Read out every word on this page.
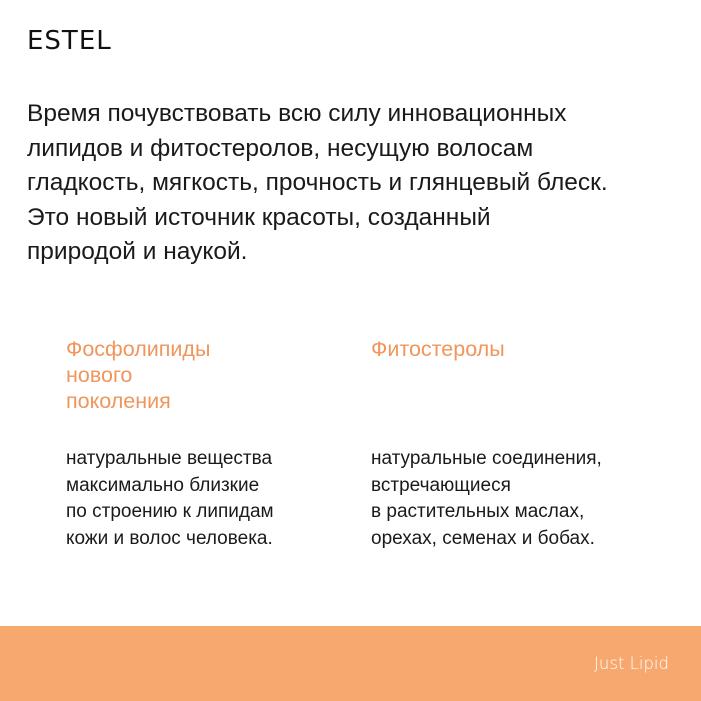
ESTEL
Время почувствовать всю силу инновационных
липидов и фитостеролов, несущую волосам
гладкость, мягкость, прочность и глянцевый блеск.
Это новый источник красоты, созданный
природой и наукой.
Фосфолипиды
нового
поколения
натуральные вещества
максимально близкие
по строению к липидам
кожи и волос человека.
Фитостеролы
натуральные соединения,
встречающиеся
в растительных маслах,
орехах, семенах и бобах.
Just Lipid
